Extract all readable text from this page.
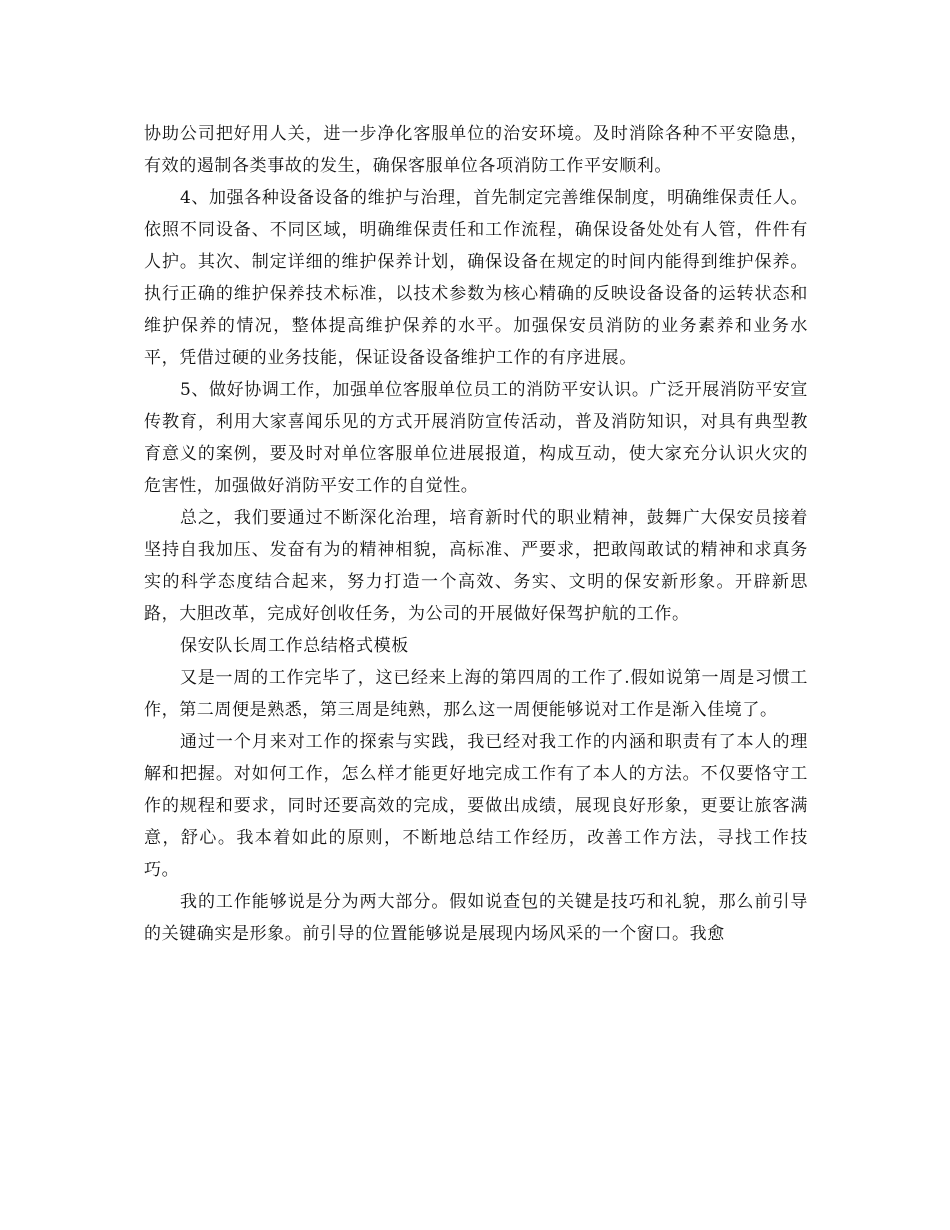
协助公司把好用人关，进一步净化客服单位的治安环境。及时消除各种不平安隐患，有效的遏制各类事故的发生，确保客服单位各项消防工作平安顺利。

4、加强各种设备设备的维护与治理，首先制定完善维保制度，明确维保责任人。依照不同设备、不同区域，明确维保责任和工作流程，确保设备处处有人管，件件有人护。其次、制定详细的维护保养计划，确保设备在规定的时间内能得到维护保养。执行正确的维护保养技术标准，以技术参数为核心精确的反映设备设备的运转状态和维护保养的情况，整体提高维护保养的水平。加强保安员消防的业务素养和业务水平，凭借过硬的业务技能，保证设备设备维护工作的有序进展。

5、做好协调工作，加强单位客服单位员工的消防平安认识。广泛开展消防平安宣传教育，利用大家喜闻乐见的方式开展消防宣传活动，普及消防知识，对具有典型教育意义的案例，要及时对单位客服单位进展报道，构成互动，使大家充分认识火灾的危害性，加强做好消防平安工作的自觉性。

总之，我们要通过不断深化治理，培育新时代的职业精神，鼓舞广大保安员接着坚持自我加压、发奋有为的精神相貌，高标准、严要求，把敢闯敢试的精神和求真务实的科学态度结合起来，努力打造一个高效、务实、文明的保安新形象。开辟新思路，大胆改革，完成好创收任务，为公司的开展做好保驾护航的工作。

保安队长周工作总结格式模板

又是一周的工作完毕了，这已经来上海的第四周的工作了.假如说第一周是习惯工作，第二周便是熟悉，第三周是纯熟，那么这一周便能够说对工作是渐入佳境了。

通过一个月来对工作的探索与实践，我已经对我工作的内涵和职责有了本人的理解和把握。对如何工作，怎么样才能更好地完成工作有了本人的方法。不仅要恪守工作的规程和要求，同时还要高效的完成，要做出成绩，展现良好形象，更要让旅客满意，舒心。我本着如此的原则，不断地总结工作经历，改善工作方法，寻找工作技巧。

我的工作能够说是分为两大部分。假如说查包的关键是技巧和礼貌，那么前引导的关键确实是形象。前引导的位置能够说是展现内场风采的一个窗口。我愈
